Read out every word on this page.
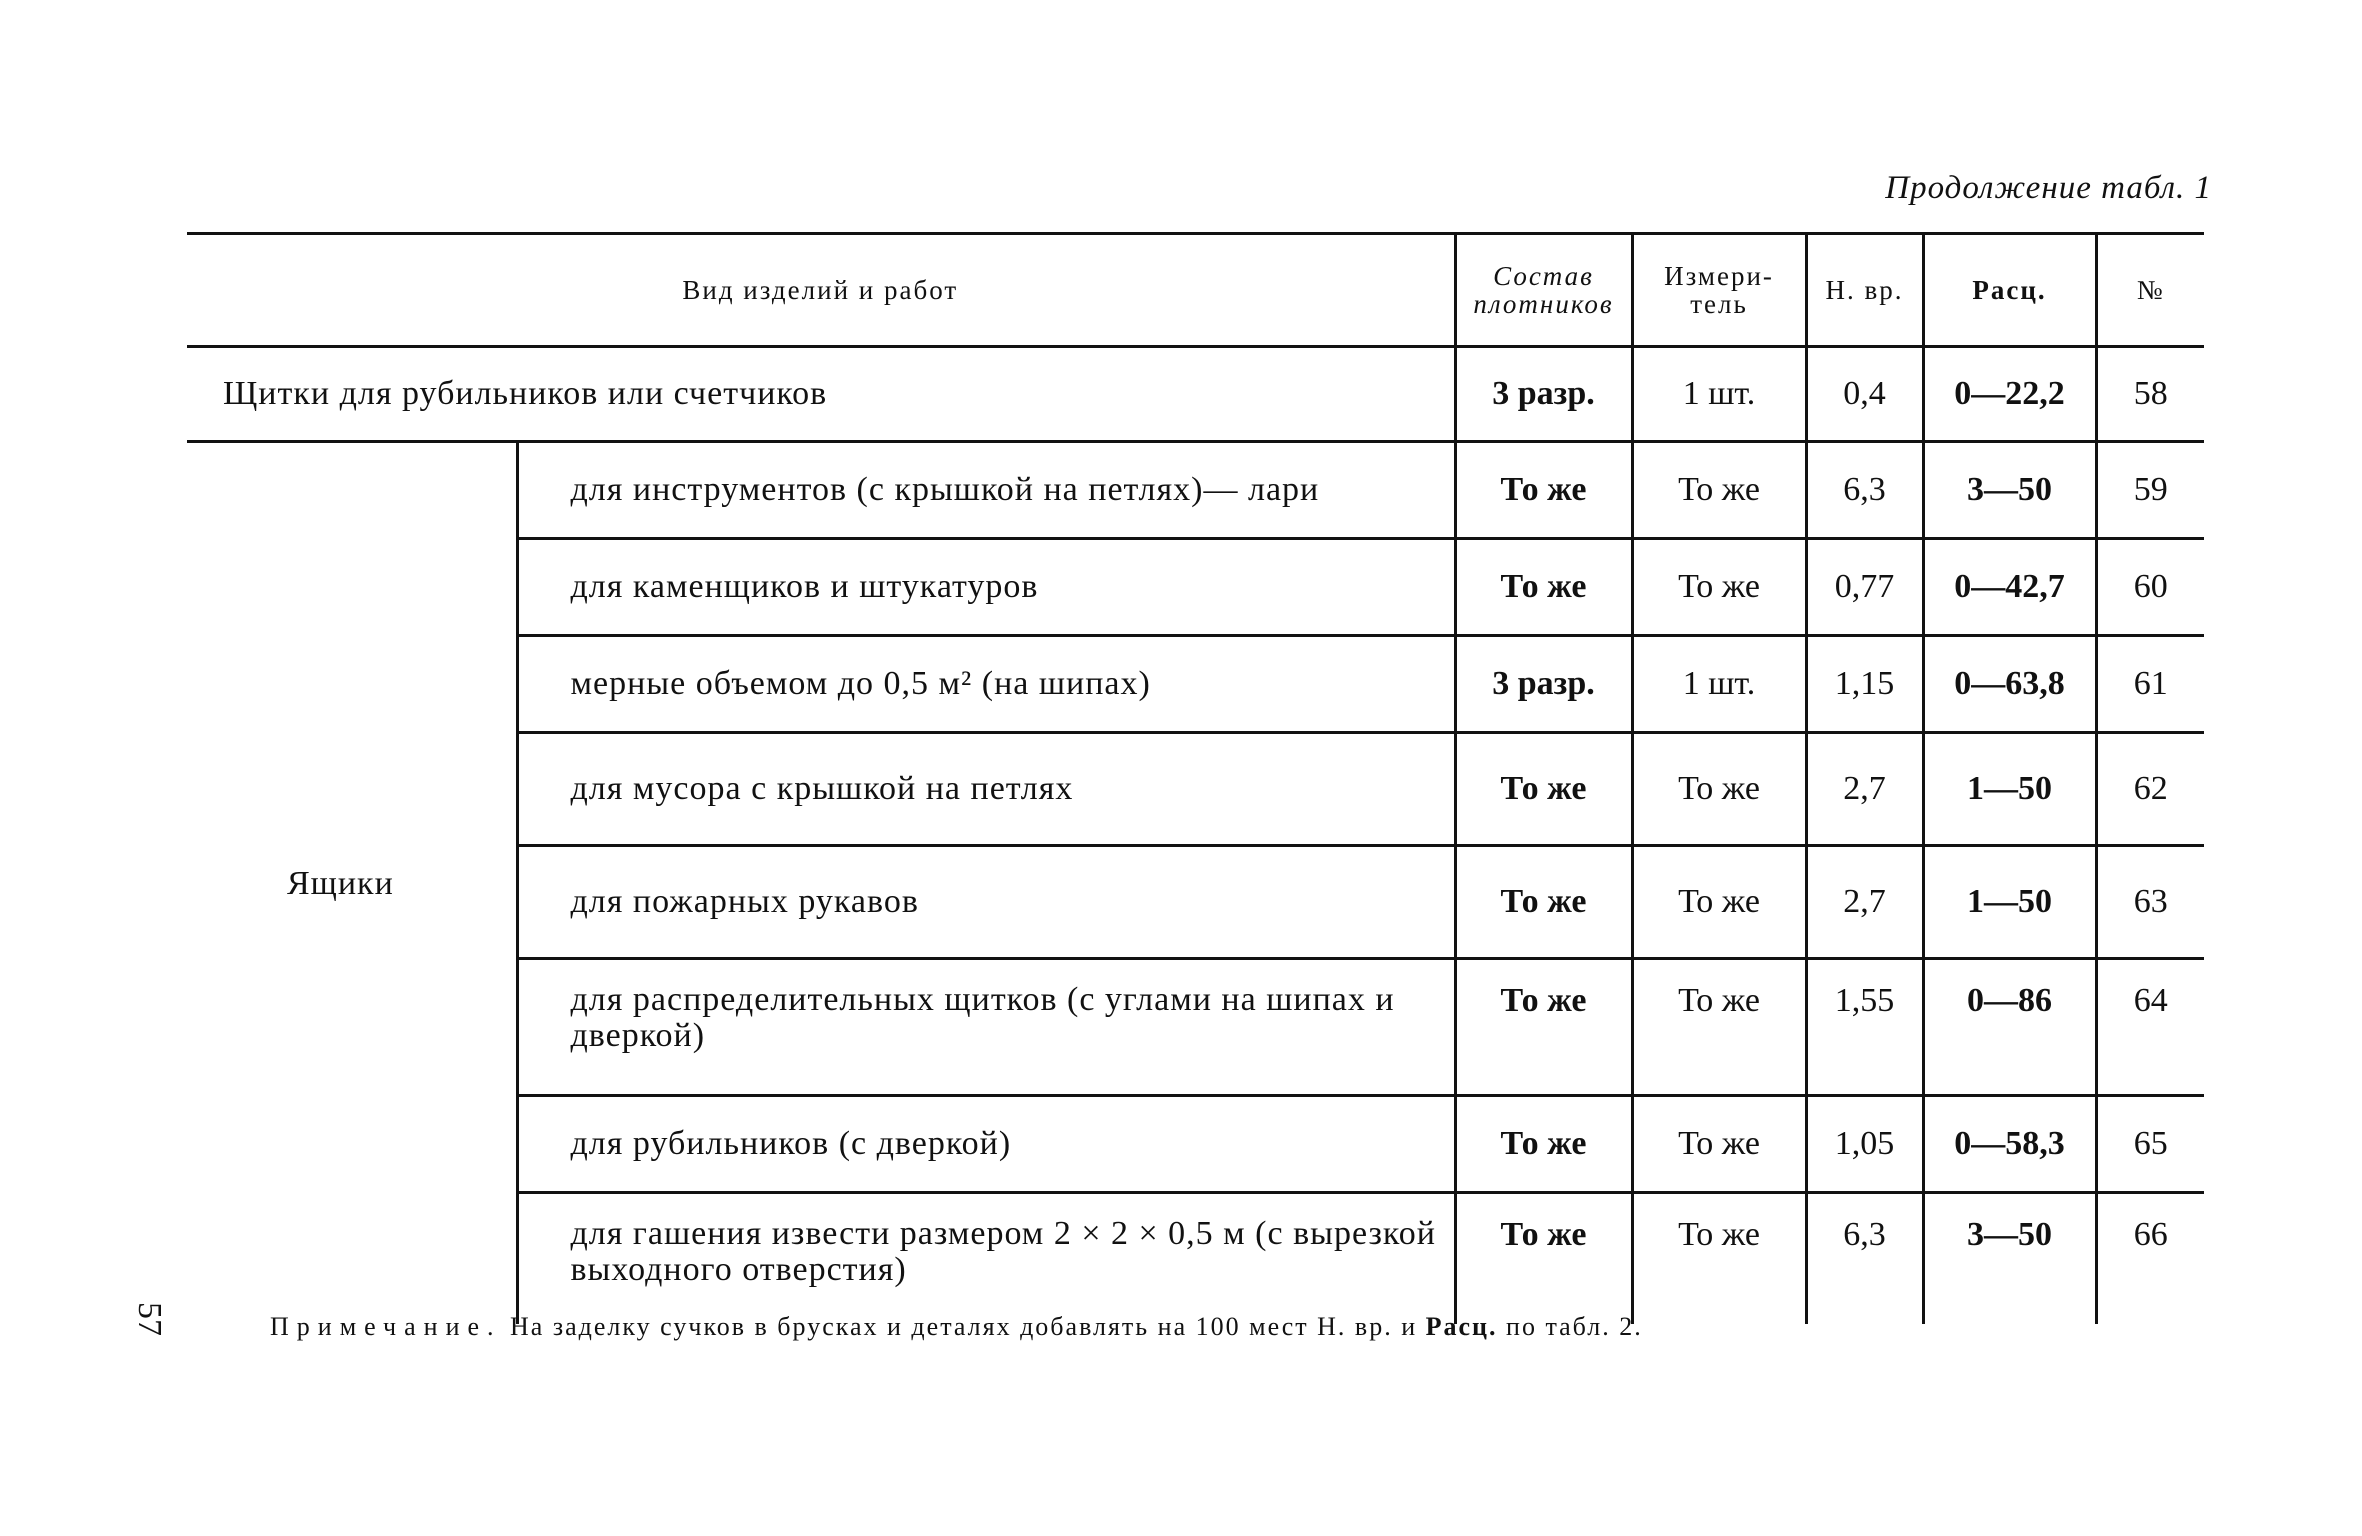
Продолжение табл. 1
Вид изделий и работ		Состав плотников	Измери- тель	Н. вр.	Расц.	№
Щитки для рубильников или счетчиков		3 разр.	1 шт.	0,4	0—22,2	58
Ящики	для инструментов (с крышкой на петлях)— лари	То же	То же	6,3	3—50	59
	для каменщиков и штукатуров	То же	То же	0,77	0—42,7	60
	мерные объемом до 0,5 м² (на шипах)	3 разр.	1 шт.	1,15	0—63,8	61
	для мусора с крышкой на петлях	То же	То же	2,7	1—50	62
	для пожарных рукавов	То же	То же	2,7	1—50	63
	для распределительных щитков (с углами на шипах и дверкой)	То же	То же	1,55	0—86	64
	для рубильников (с дверкой)	То же	То же	1,05	0—58,3	65
	для гашения извести размером 2 × 2 × 0,5 м (с вырезкой выходного отверстия)	То же	То же	6,3	3—50	66
57	Примечание. На заделку сучков в брусках и деталях добавлять на 100 мест Н. вр. и Расц. по табл. 2.
